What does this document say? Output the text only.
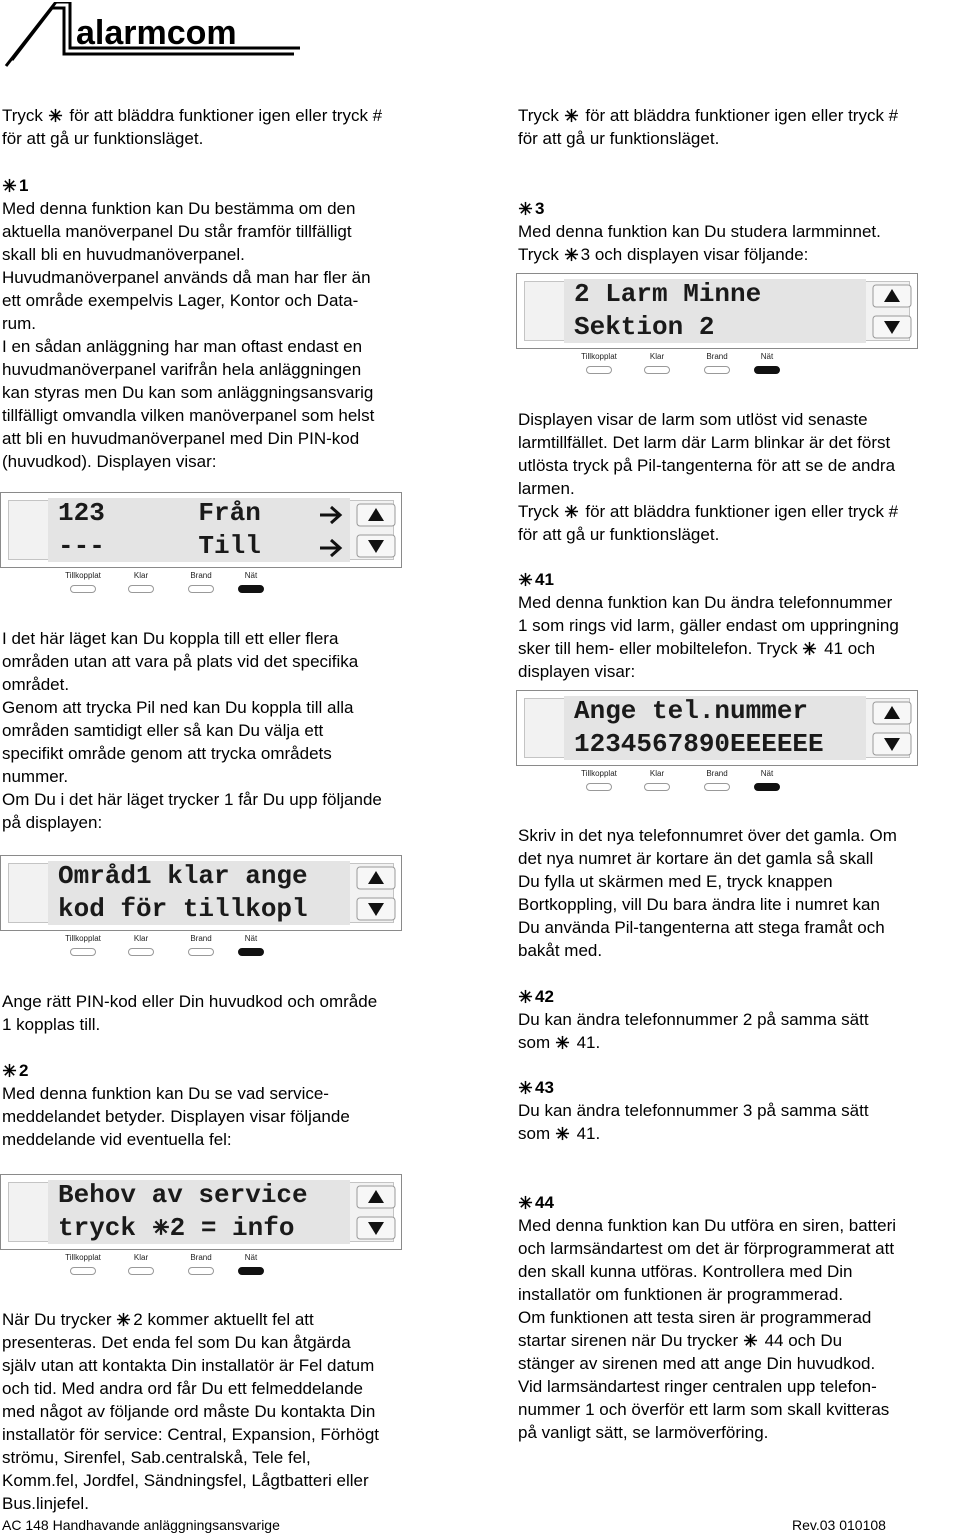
alarmcom
Tryck  för att bläddra funktioner igen eller tryck #
för att gå ur funktionsläget.
1
Med denna funktion kan Du bestämma om den
aktuella manöverpanel Du står framför tillfälligt
skall bli en huvudmanöverpanel.
Huvudmanöverpanel används då man har fler än
ett område exempelvis Lager, Kontor och Data-
rum.
I en sådan anläggning har man oftast endast en
huvudmanöverpanel varifrån hela anläggningen
kan styras men Du kan som anläggningsansvarig
tillfälligt omvandla vilken manöverpanel som helst
att bli en huvudmanöverpanel med Din PIN-kod
(huvudkod). Displayen visar:
123      Från
---      Till
Tillkopplat	Klar	Brand	Nät
I det här läget kan Du koppla till ett eller flera
områden utan att vara på plats vid det specifika
området.
Genom att trycka Pil ned kan Du koppla till alla
områden samtidigt eller så kan Du välja ett
specifikt område genom att trycka områdets
nummer.
Om Du i det här läget trycker 1 får Du upp följande
på displayen:
Områd1 klar ange
kod för tillkopl
Tillkopplat	Klar	Brand	Nät
Ange rätt PIN-kod eller Din huvudkod och område
1 kopplas till.
2
Med denna funktion kan Du se vad service-
meddelandet betyder. Displayen visar följande
meddelande vid eventuella fel:
Behov av service
tryck 2 = info
Tillkopplat	Klar	Brand	Nät
När Du trycker 2 kommer aktuellt fel att
presenteras. Det enda fel som Du kan åtgärda
själv utan att kontakta Din installatör är Fel datum
och tid. Med andra ord får Du ett felmeddelande
med något av följande ord måste Du kontakta Din
installatör för service: Central, Expansion, Förhögt
strömu, Sirenfel, Sab.centralskå, Tele fel,
Komm.fel, Jordfel, Sändningsfel, Lågtbatteri eller
Bus.linjefel.
Tryck  för att bläddra funktioner igen eller tryck #
för att gå ur funktionsläget.
3
Med denna funktion kan Du studera larmminnet.
Tryck 3 och displayen visar följande:
2 Larm Minne
Sektion 2
Tillkopplat	Klar	Brand	Nät
Displayen visar de larm som utlöst vid senaste
larmtillfället. Det larm där Larm blinkar är det först
utlösta tryck på Pil-tangenterna för att se de andra
larmen.
Tryck  för att bläddra funktioner igen eller tryck #
för att gå ur funktionsläget.
41
Med denna funktion kan Du ändra telefonnummer
1 som rings vid larm, gäller endast om uppringning
sker till hem- eller mobiltelefon. Tryck  41 och
displayen visar:
Ange tel.nummer
1234567890EEEEEE
Tillkopplat	Klar	Brand	Nät
Skriv in det nya telefonnumret över det gamla. Om
det nya numret är kortare än det gamla så skall
Du fylla ut skärmen med E, tryck knappen
Bortkoppling, vill Du bara ändra lite i numret kan
Du använda Pil-tangenterna att stega framåt och
bakåt med.
42
Du kan ändra telefonnummer 2 på samma sätt
som  41.
43
Du kan ändra telefonnummer 3 på samma sätt
som  41.
44
Med denna funktion kan Du utföra en siren, batteri
och larmsändartest om det är förprogrammerat att
den skall kunna utföras. Kontrollera med Din
installatör om funktionen är programmerad.
Om funktionen att testa siren är programmerad
startar sirenen när Du trycker  44 och Du
stänger av sirenen med att ange Din huvudkod.
Vid larmsändartest ringer centralen upp telefon-
nummer 1 och överför ett larm som skall kvitteras
på vanligt sätt, se larmöverföring.
AC 148 Handhavande anläggningsansvarige	Rev.03 010108
